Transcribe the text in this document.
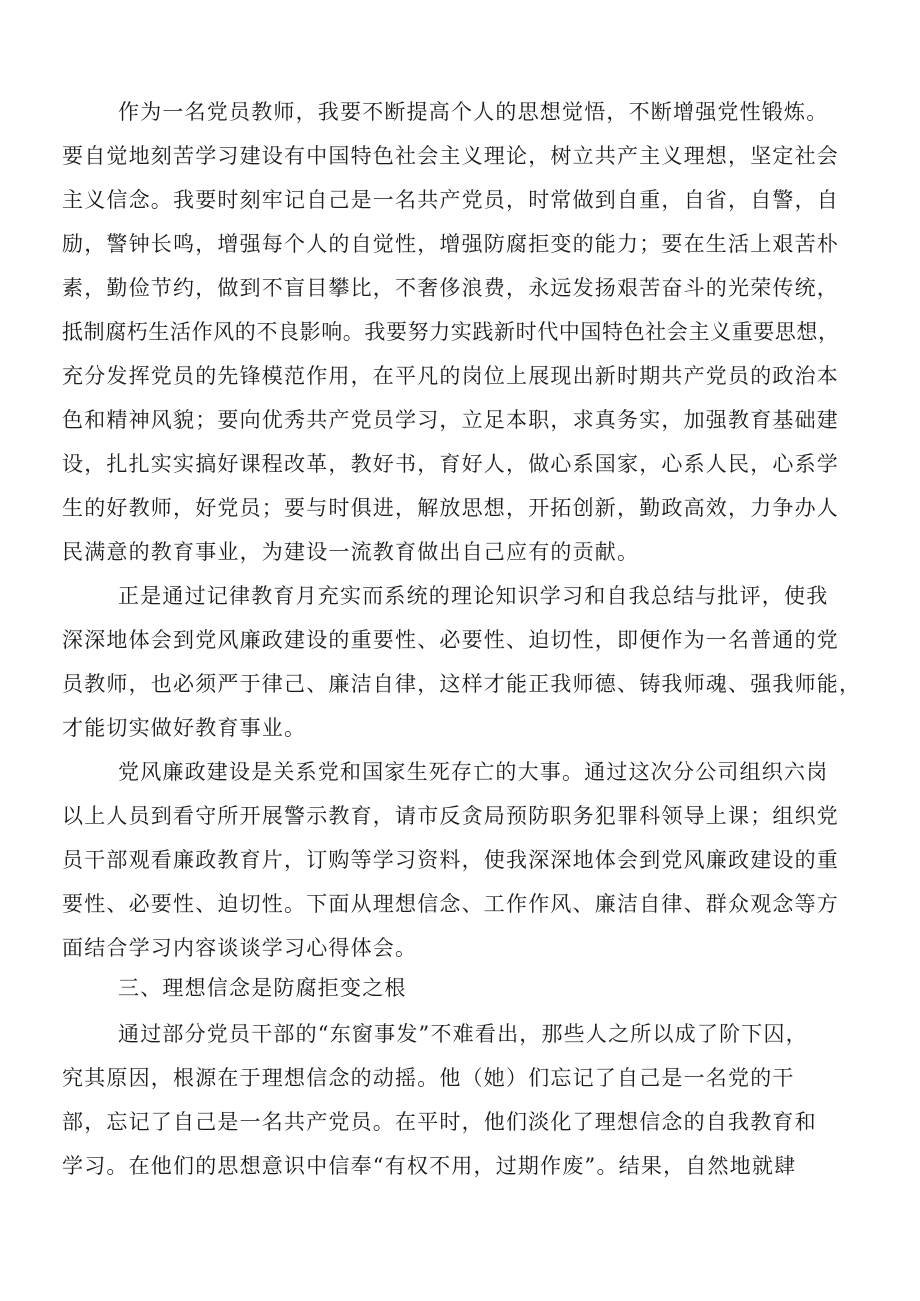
作为一名党员教师，我要不断提高个人的思想觉悟，不断增强党性锻炼。
要自觉地刻苦学习建设有中国特色社会主义理论，树立共产主义理想，坚定社会
主义信念。我要时刻牢记自己是一名共产党员，时常做到自重，自省，自警，自
励，警钟长鸣，增强每个人的自觉性，增强防腐拒变的能力；要在生活上艰苦朴
素，勤俭节约，做到不盲目攀比，不奢侈浪费，永远发扬艰苦奋斗的光荣传统，
抵制腐朽生活作风的不良影响。我要努力实践新时代中国特色社会主义重要思想，
充分发挥党员的先锋模范作用，在平凡的岗位上展现出新时期共产党员的政治本
色和精神风貌；要向优秀共产党员学习，立足本职，求真务实，加强教育基础建
设，扎扎实实搞好课程改革，教好书，育好人，做心系国家，心系人民，心系学
生的好教师，好党员；要与时俱进，解放思想，开拓创新，勤政高效，力争办人
民满意的教育事业，为建设一流教育做出自己应有的贡献。
正是通过记律教育月充实而系统的理论知识学习和自我总结与批评，使我
深深地体会到党风廉政建设的重要性、必要性、迫切性，即便作为一名普通的党
员教师，也必须严于律己、廉洁自律，这样才能正我师德、铸我师魂、强我师能，
才能切实做好教育事业。
党风廉政建设是关系党和国家生死存亡的大事。通过这次分公司组织六岗
以上人员到看守所开展警示教育，请市反贪局预防职务犯罪科领导上课；组织党
员干部观看廉政教育片，订购等学习资料，使我深深地体会到党风廉政建设的重
要性、必要性、迫切性。下面从理想信念、工作作风、廉洁自律、群众观念等方
面结合学习内容谈谈学习心得体会。
三、理想信念是防腐拒变之根
通过部分党员干部的“东窗事发”不难看出，那些人之所以成了阶下囚，
究其原因，根源在于理想信念的动摇。他（她）们忘记了自己是一名党的干
部，忘记了自己是一名共产党员。在平时，他们淡化了理想信念的自我教育和
学习。在他们的思想意识中信奉“有权不用，过期作废”。结果，自然地就肆
